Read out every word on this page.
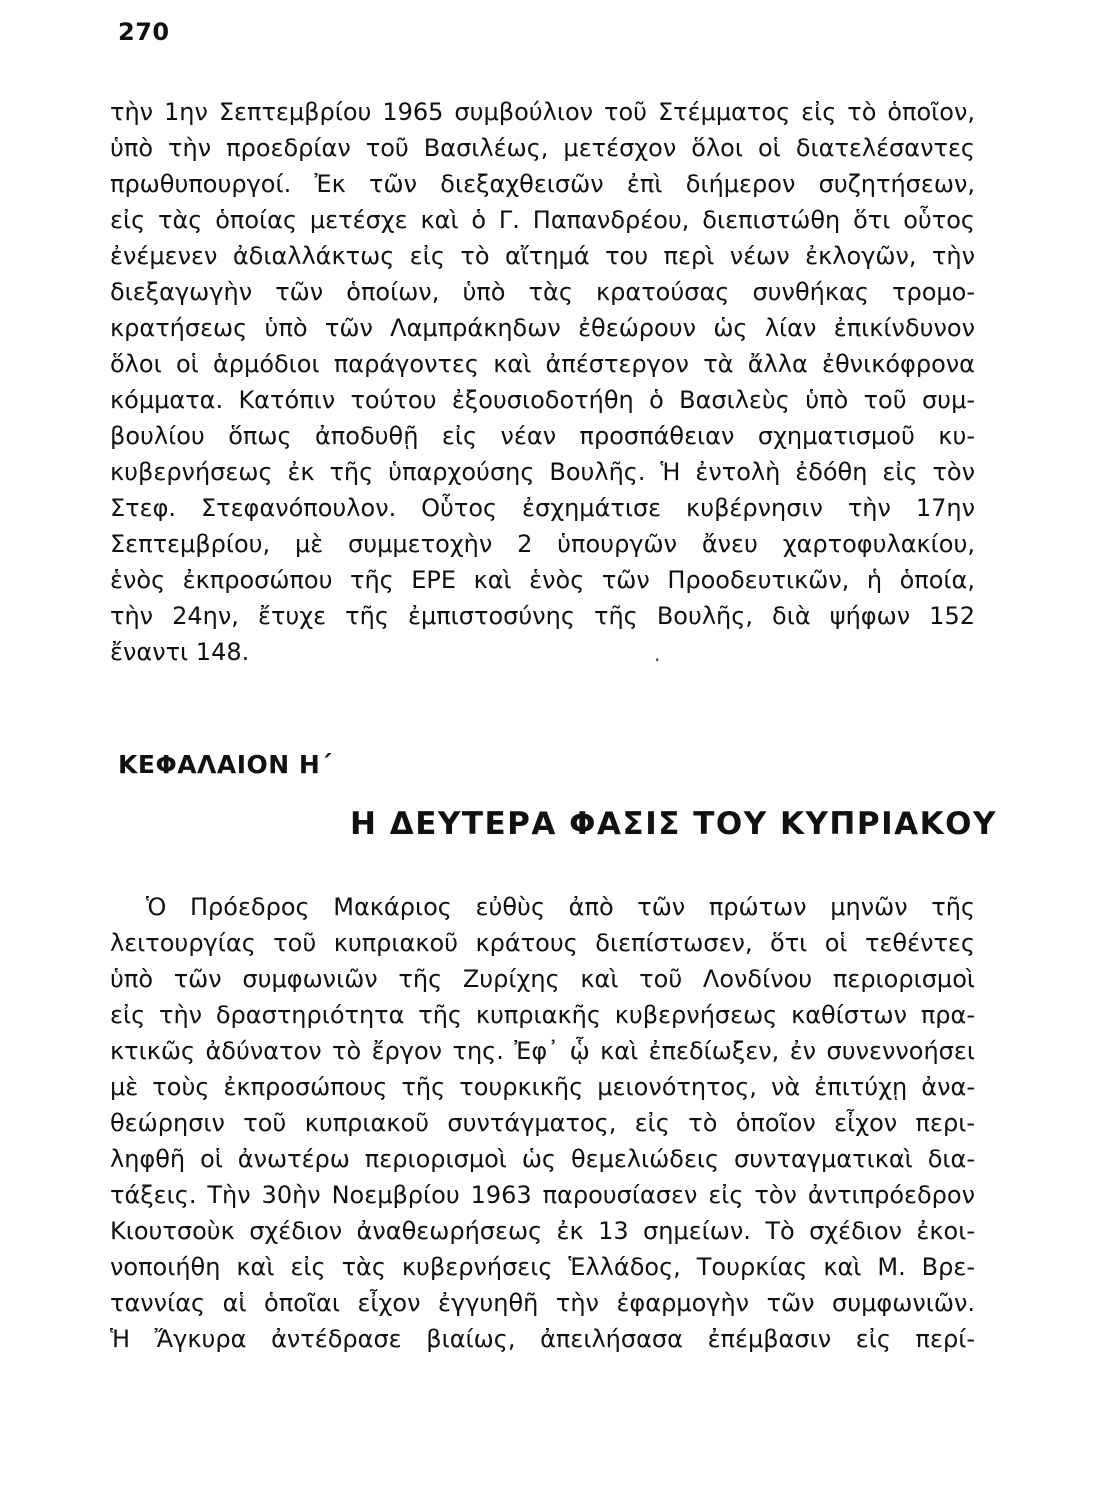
270
τὴν 1ην Σεπτεμβρίου 1965 συμβούλιον τοῦ Στέμματος εἰς τὸ ὁποῖον,
ὑπὸ τὴν προεδρίαν τοῦ Βασιλέως, μετέσχον ὅλοι οἱ διατελέσαντες
πρωθυπουργοί. Ἐκ τῶν διεξαχθεισῶν ἐπὶ διήμερον συζητήσεων,
εἰς τὰς ὁποίας μετέσχε καὶ ὁ Γ. Παπανδρέου, διεπιστώθη ὅτι οὗτος
ἐνέμενεν ἀδιαλλάκτως εἰς τὸ αἴτημά του περὶ νέων ἐκλογῶν, τὴν
διεξαγωγὴν τῶν ὁποίων, ὑπὸ τὰς κρατούσας συνθήκας τρομο-
κρατήσεως ὑπὸ τῶν Λαμπράκηδων ἐθεώρουν ὡς λίαν ἐπικίνδυνον
ὅλοι οἱ ἁρμόδιοι παράγοντες καὶ ἀπέστεργον τὰ ἄλλα ἐθνικόφρονα
κόμματα. Κατόπιν τούτου ἐξουσιοδοτήθη ὁ Βασιλεὺς ὑπὸ τοῦ συμ-
βουλίου ὅπως ἀποδυθῇ εἰς νέαν προσπάθειαν σχηματισμοῦ κυ-
κυβερνήσεως ἐκ τῆς ὑπαρχούσης Βουλῆς. Ἡ ἐντολὴ ἐδόθη εἰς τὸν
Στεφ. Στεφανόπουλον. Οὗτος ἐσχημάτισε κυβέρνησιν τὴν 17ην
Σεπτεμβρίου, μὲ συμμετοχὴν 2 ὑπουργῶν ἄνευ χαρτοφυλακίου,
ἑνὸς ἐκπροσώπου τῆς ΕΡΕ καὶ ἑνὸς τῶν Προοδευτικῶν, ἡ ὁποία,
τὴν 24ην, ἔτυχε τῆς ἐμπιστοσύνης τῆς Βουλῆς, διὰ ψήφων 152
ἔναντι 148.	·
ΚΕΦΑΛΑΙΟΝ Η΄
Η ΔΕΥΤΕΡΑ ΦΑΣΙΣ ΤΟΥ ΚΥΠΡΙΑΚΟΥ
Ὁ Πρόεδρος Μακάριος εὐθὺς ἀπὸ τῶν πρώτων μηνῶν τῆς
λειτουργίας τοῦ κυπριακοῦ κράτους διεπίστωσεν, ὅτι οἱ τεθέντες
ὑπὸ τῶν συμφωνιῶν τῆς Ζυρίχης καὶ τοῦ Λονδίνου περιορισμοὶ
εἰς τὴν δραστηριότητα τῆς κυπριακῆς κυβερνήσεως καθίστων πρα-
κτικῶς ἀδύνατον τὸ ἔργον της. Ἐφ᾽ ᾧ καὶ ἐπεδίωξεν, ἐν συνεννοήσει
μὲ τοὺς ἐκπροσώπους τῆς τουρκικῆς μειονότητος, νὰ ἐπιτύχῃ ἀνα-
θεώρησιν τοῦ κυπριακοῦ συντάγματος, εἰς τὸ ὁποῖον εἶχον περι-
ληφθῆ οἱ ἀνωτέρω περιορισμοὶ ὡς θεμελιώδεις συνταγματικαὶ δια-
τάξεις. Τὴν 30ὴν Νοεμβρίου 1963 παρουσίασεν εἰς τὸν ἀντιπρόεδρον
Κιουτσοὺκ σχέδιον ἀναθεωρήσεως ἐκ 13 σημείων. Τὸ σχέδιον ἐκοι-
νοποιήθη καὶ εἰς τὰς κυβερνήσεις Ἑλλάδος, Τουρκίας καὶ Μ. Βρε-
ταννίας αἱ ὁποῖαι εἶχον ἐγγυηθῆ τὴν ἐφαρμογὴν τῶν συμφωνιῶν.
Ἡ Ἄγκυρα ἀντέδρασε βιαίως, ἀπειλήσασα ἐπέμβασιν εἰς περί-
